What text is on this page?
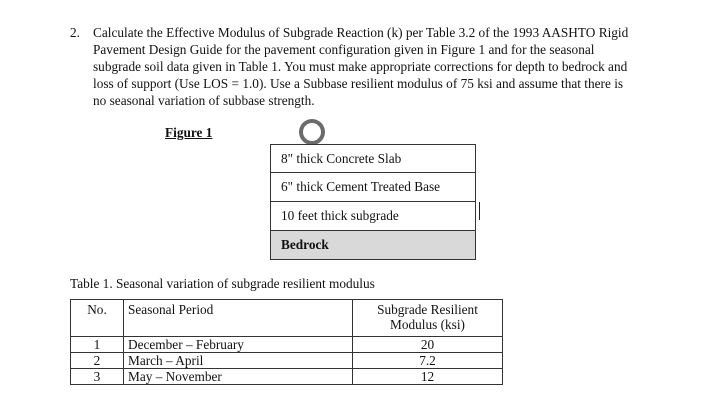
2. Calculate the Effective Modulus of Subgrade Reaction (k) per Table 3.2 of the 1993 AASHTO Rigid
Pavement Design Guide for the pavement configuration given in Figure 1 and for the seasonal
subgrade soil data given in Table 1. You must make appropriate corrections for depth to bedrock and
loss of support (Use LOS = 1.0). Use a Subbase resilient modulus of 75 ksi and assume that there is
no seasonal variation of subbase strength.
Figure 1
8" thick Concrete Slab
6" thick Cement Treated Base
10 feet thick subgrade
Bedrock
Table 1. Seasonal variation of subgrade resilient modulus
No.	Seasonal Period	Subgrade Resilient Modulus (ksi)
1	December – February	20
2	March – April	7.2
3	May – November	12
